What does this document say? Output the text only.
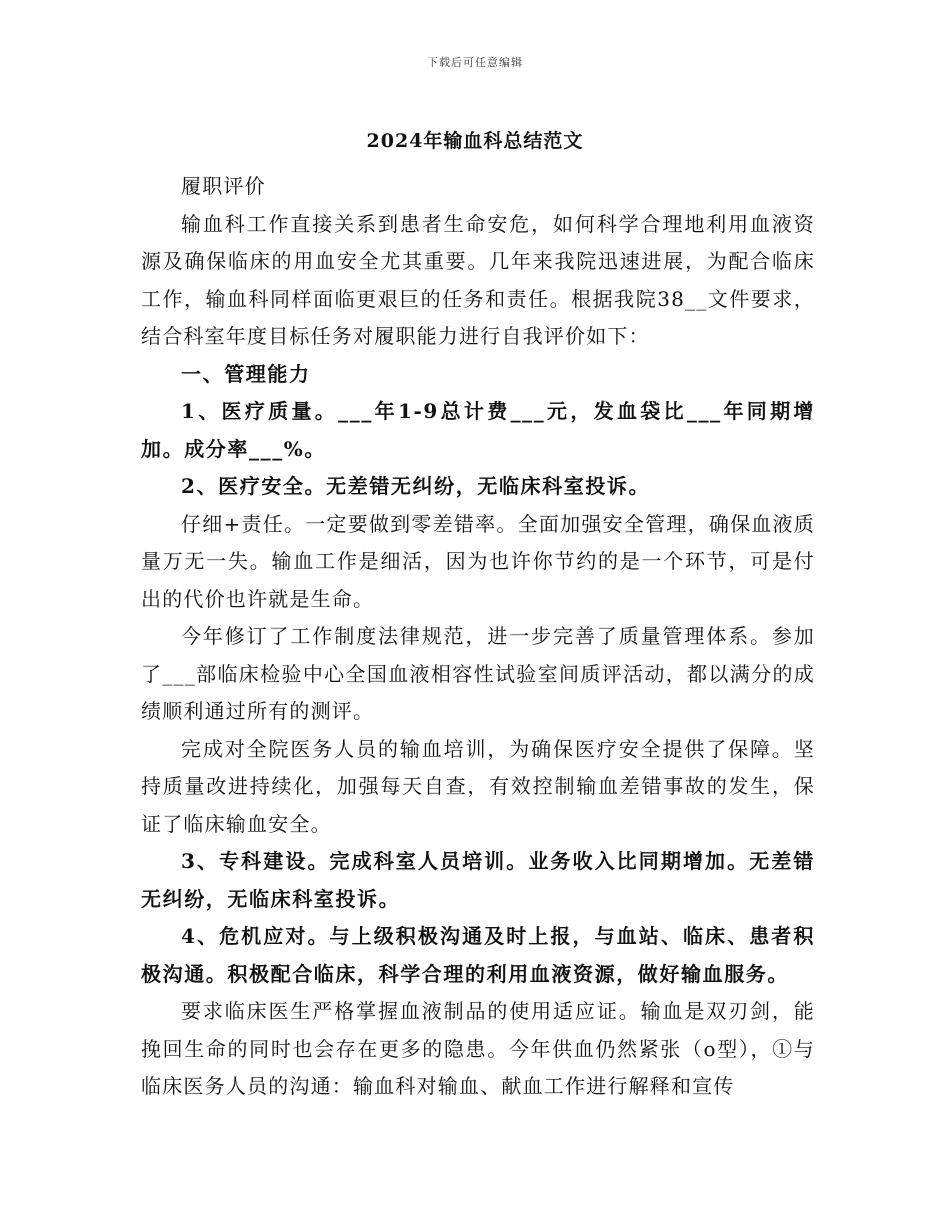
下载后可任意编辑
2024年输血科总结范文

履职评价

输血科工作直接关系到患者生命安危，如何科学合理地利用血液资源及确保临床的用血安全尤其重要。几年来我院迅速进展，为配合临床工作，输血科同样面临更艰巨的任务和责任。根据我院38__文件要求，结合科室年度目标任务对履职能力进行自我评价如下：

一、管理能力

1、医疗质量。___年1-9总计费___元，发血袋比___年同期增加。成分率___%。

2、医疗安全。无差错无纠纷，无临床科室投诉。

仔细+责任。一定要做到零差错率。全面加强安全管理，确保血液质量万无一失。输血工作是细活，因为也许你节约的是一个环节，可是付出的代价也许就是生命。

今年修订了工作制度法律规范，进一步完善了质量管理体系。参加了___部临床检验中心全国血液相容性试验室间质评活动，都以满分的成绩顺利通过所有的测评。

完成对全院医务人员的输血培训，为确保医疗安全提供了保障。坚持质量改进持续化，加强每天自查，有效控制输血差错事故的发生，保证了临床输血安全。

3、专科建设。完成科室人员培训。业务收入比同期增加。无差错无纠纷，无临床科室投诉。

4、危机应对。与上级积极沟通及时上报，与血站、临床、患者积极沟通。积极配合临床，科学合理的利用血液资源，做好输血服务。

要求临床医生严格掌握血液制品的使用适应证。输血是双刃剑，能挽回生命的同时也会存在更多的隐患。今年供血仍然紧张（o型），①与临床医务人员的沟通：输血科对输血、献血工作进行解释和宣传
